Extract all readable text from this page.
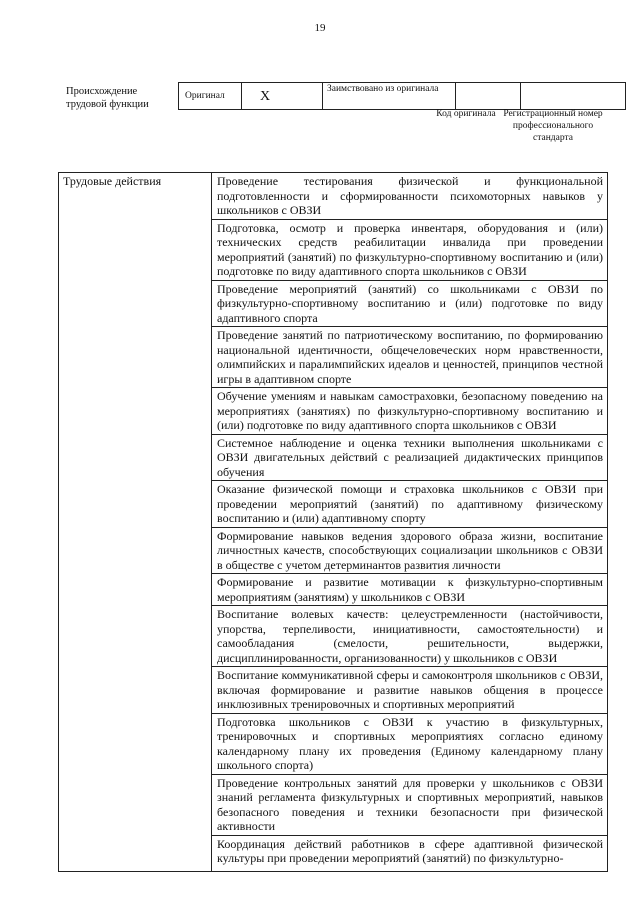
19
Происхождение трудовой функции
Оригинал	X	Заимствовано из оригинала		
Код оригинала Регистрационный номер профессионального стандарта
Трудовые действия	Проведение тестирования физической и функциональной подготовленности и сформированности психомоторных навыков у школьников с ОВЗИ
Подготовка, осмотр и проверка инвентаря, оборудования и (или) технических средств реабилитации инвалида при проведении мероприятий (занятий) по физкультурно-спортивному воспитанию и (или) подготовке по виду адаптивного спорта школьников с ОВЗИ
Проведение мероприятий (занятий) со школьниками с ОВЗИ по физкультурно-спортивному воспитанию и (или) подготовке по виду адаптивного спорта
Проведение занятий по патриотическому воспитанию, по формированию национальной идентичности, общечеловеческих норм нравственности, олимпийских и паралимпийских идеалов и ценностей, принципов честной игры в адаптивном спорте
Обучение умениям и навыкам самостраховки, безопасному поведению на мероприятиях (занятиях) по физкультурно-спортивному воспитанию и (или) подготовке по виду адаптивного спорта школьников с ОВЗИ
Системное наблюдение и оценка техники выполнения школьниками с ОВЗИ двигательных действий с реализацией дидактических принципов обучения
Оказание физической помощи и страховка школьников с ОВЗИ при проведении мероприятий (занятий) по адаптивному физическому воспитанию и (или) адаптивному спорту
Формирование навыков ведения здорового образа жизни, воспитание личностных качеств, способствующих социализации школьников с ОВЗИ в обществе с учетом детерминантов развития личности
Формирование и развитие мотивации к физкультурно-спортивным мероприятиям (занятиям) у школьников с ОВЗИ
Воспитание волевых качеств: целеустремленности (настойчивости, упорства, терпеливости, инициативности, самостоятельности) и самообладания (смелости, решительности, выдержки, дисциплинированности, организованности) у школьников с ОВЗИ
Воспитание коммуникативной сферы и самоконтроля школьников с ОВЗИ, включая формирование и развитие навыков общения в процессе инклюзивных тренировочных и спортивных мероприятий
Подготовка школьников с ОВЗИ к участию в физкультурных, тренировочных и спортивных мероприятиях согласно единому календарному плану их проведения (Единому календарному плану школьного спорта)
Проведение контрольных занятий для проверки у школьников с ОВЗИ знаний регламента физкультурных и спортивных мероприятий, навыков безопасного поведения и техники безопасности при физической активности

Координация действий работников в сфере адаптивной физической культуры при проведении мероприятий (занятий) по физкультурно-
